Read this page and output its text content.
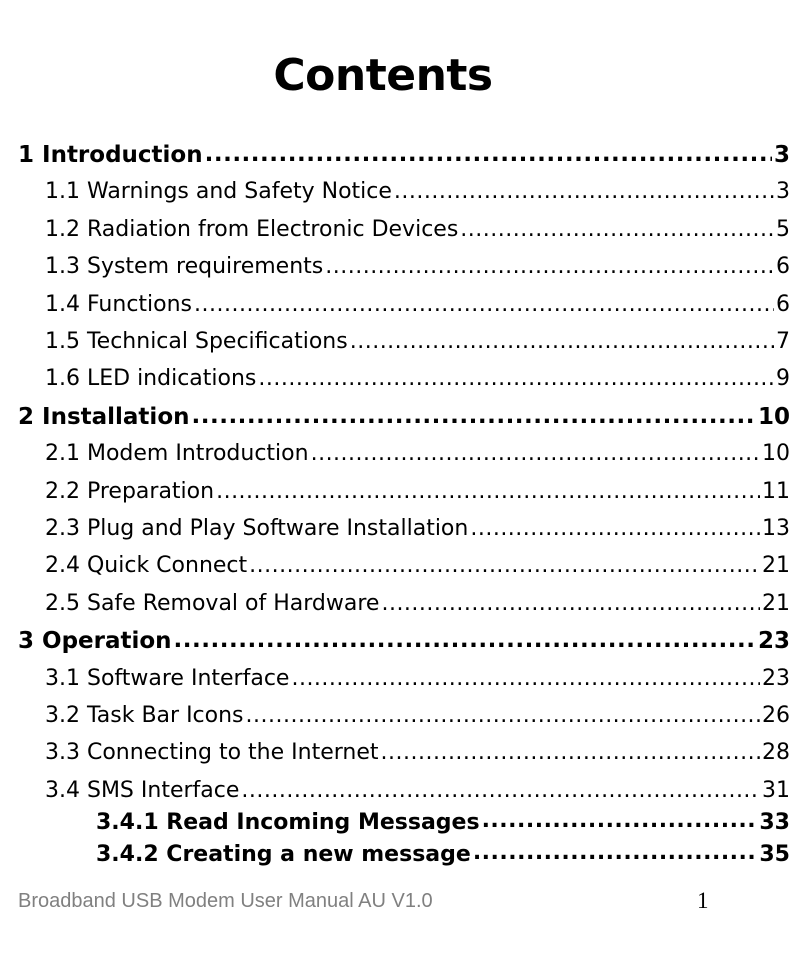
Contents
1 Introduction .....	3
1.1 Warnings and Safety Notice .....	3
1.2 Radiation from Electronic Devices .....	5
1.3 System requirements .....	6
1.4 Functions .....	6
1.5 Technical Specifications .....	7
1.6 LED indications .....	9
2 Installation .....	10
2.1 Modem Introduction .....	10
2.2 Preparation .....	11
2.3 Plug and Play Software Installation .....	13
2.4 Quick Connect .....	21
2.5 Safe Removal of Hardware .....	21
3 Operation .....	23
3.1 Software Interface .....	23
3.2 Task Bar Icons .....	26
3.3 Connecting to the Internet .....	28
3.4 SMS Interface .....	31
3.4.1 Read Incoming Messages .....	33
3.4.2 Creating a new message .....	35
Broadband USB Modem User Manual AU V1.0	1
